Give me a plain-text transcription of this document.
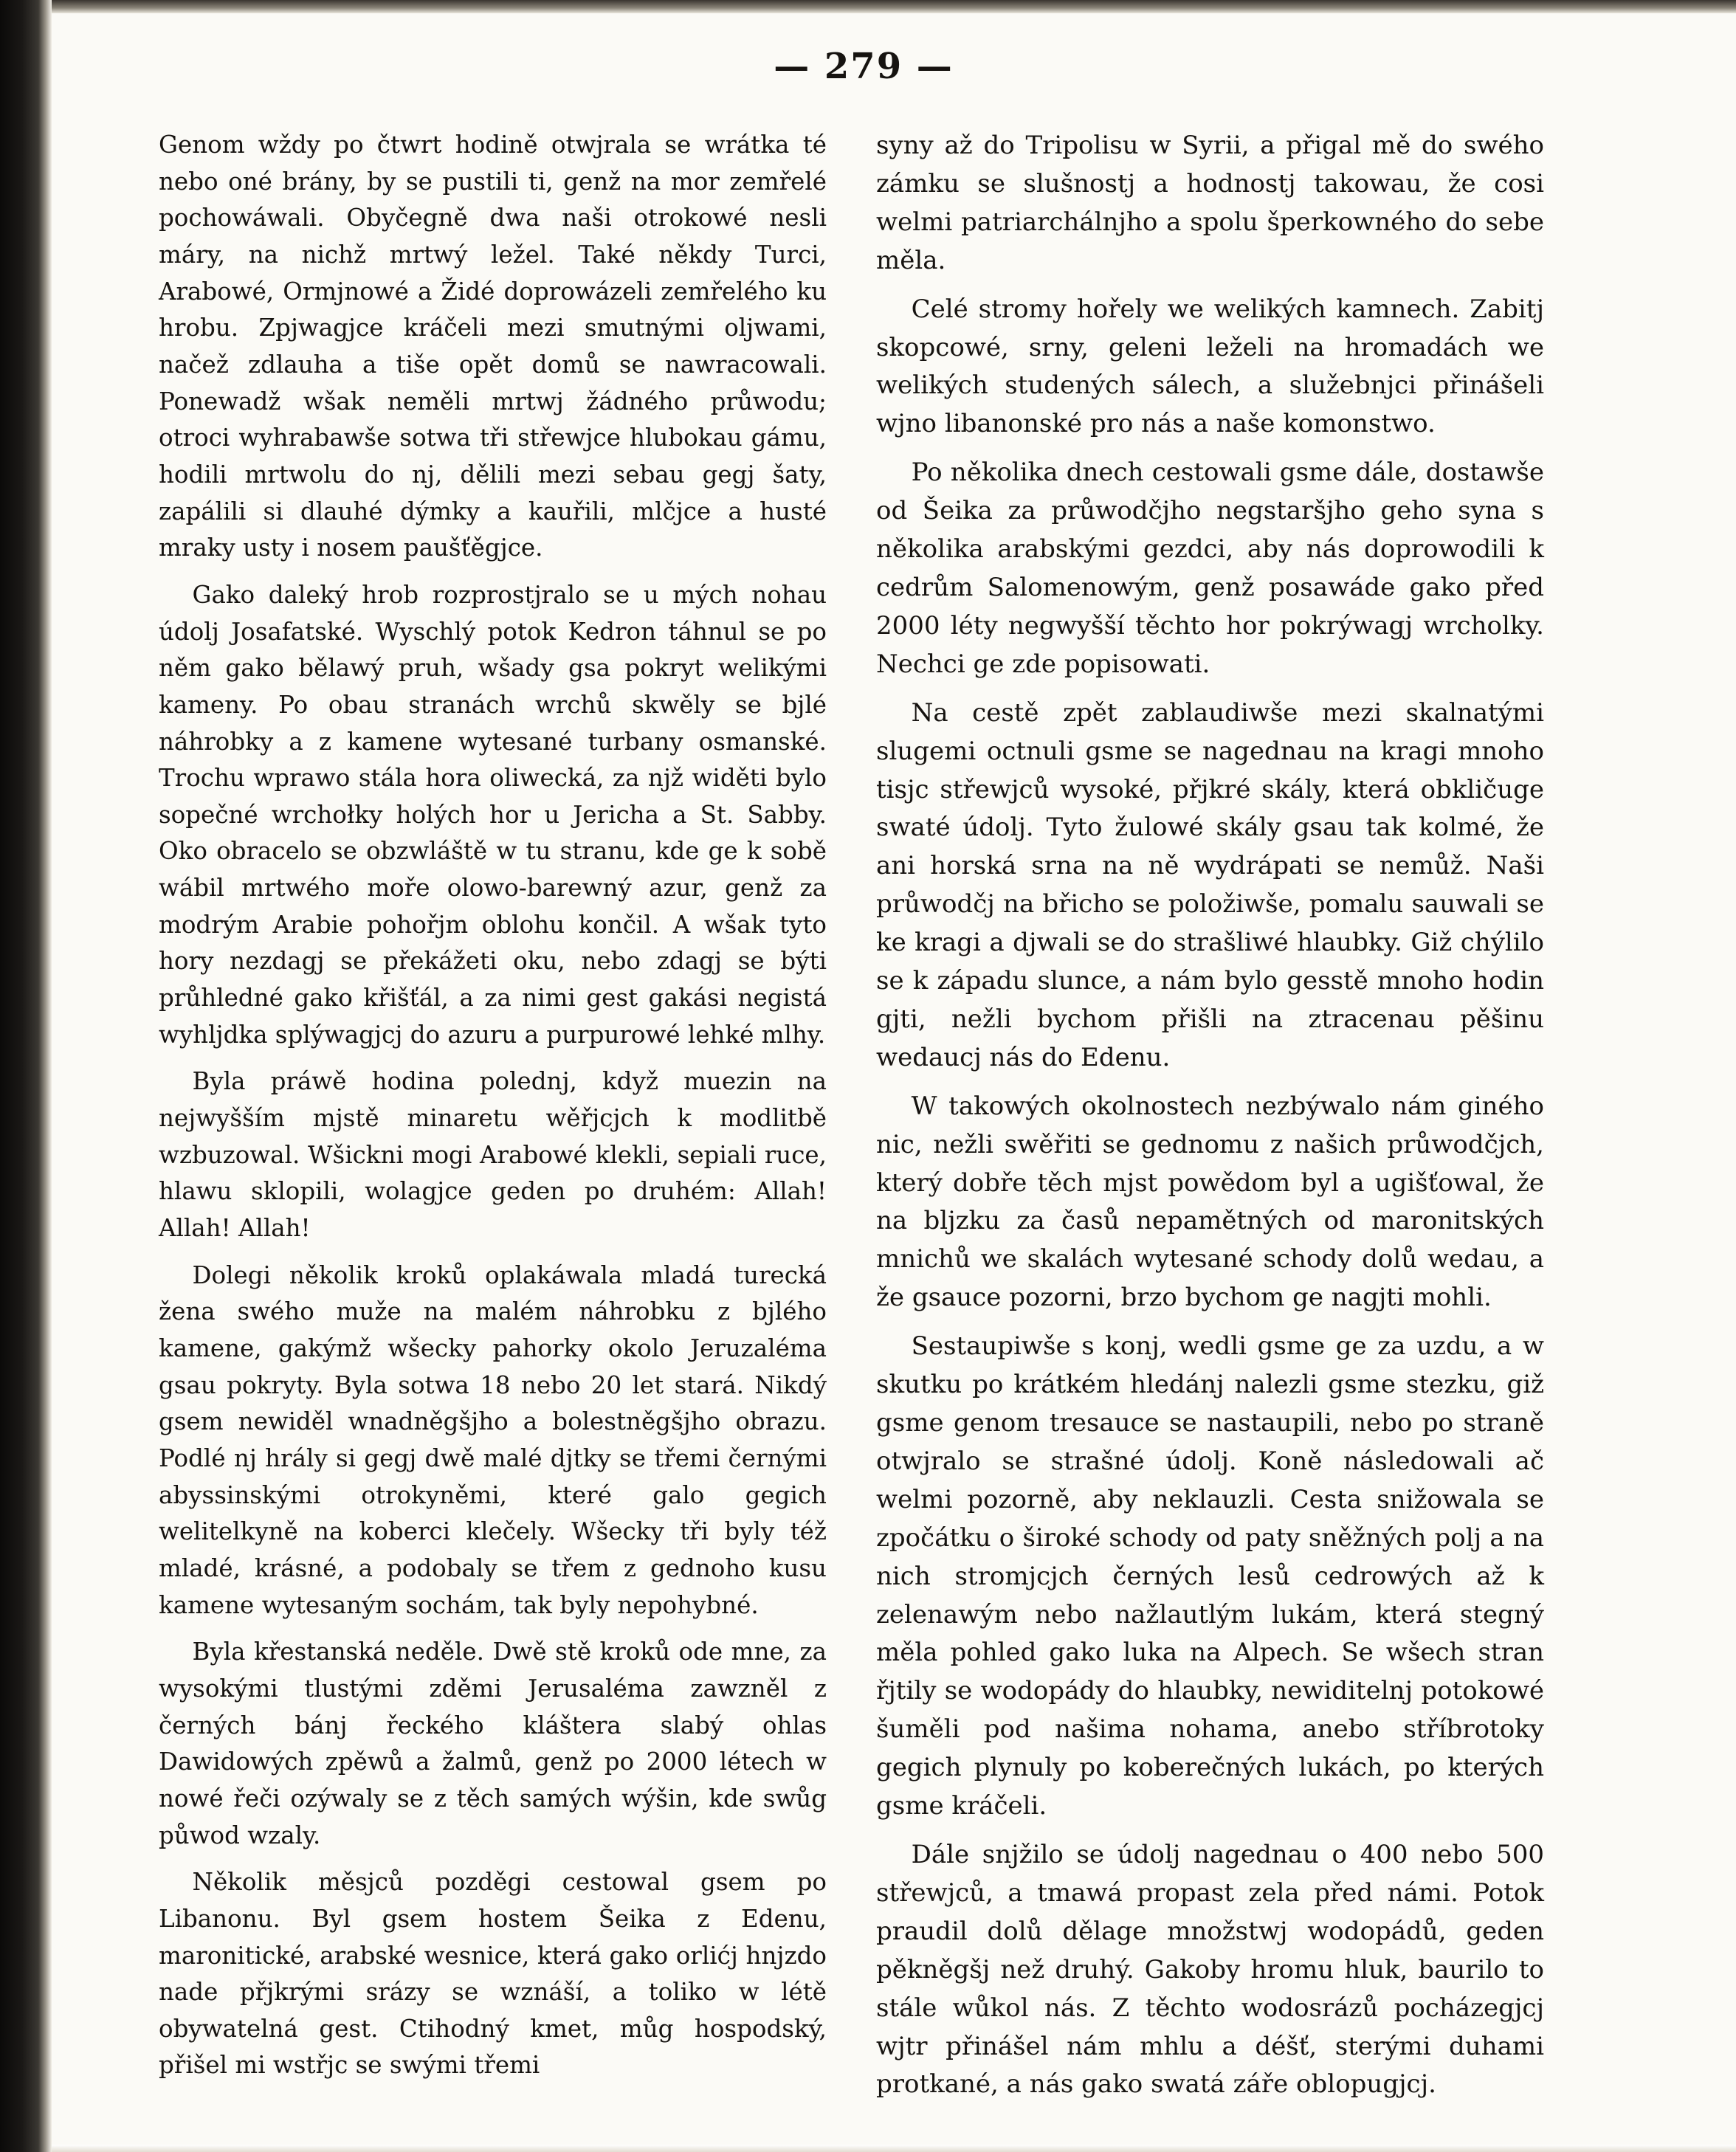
— 279 —

Genom wždy po čtwrt hodině otwjrala se wrátka té nebo oné brány, by se pustili ti, genž na mor zemřelé pochowáwali. Obyčegně dwa naši otrokowé nesli máry, na nichž mrtwý ležel. Také někdy Turci, Arabowé, Ormjnowé a Židé doprowázeli zemřelého ku hrobu. Zpjwagjce kráčeli mezi smutnými oljwami, načež zdlauha a tiše opět domů se nawracowali. Ponewadž wšak neměli mrtwj žádného průwodu; otroci wyhrabawše sotwa tři střewjce hlubokau gámu, hodili mrtwolu do nj, dělili mezi sebau gegj šaty, zapálili si dlauhé dýmky a kauřili, mlčjce a husté mraky usty i nosem paušťěgjce.

Gako daleký hrob rozprostjralo se u mých nohau údolj Josafatské. Wyschlý potok Kedron táhnul se po něm gako bělawý pruh, wšady gsa pokryt welikými kameny. Po obau stranách wrchů skwěly se bjlé náhrobky a z kamene wytesané turbany osmanské. Trochu wprawo stála hora oliwecká, za njž widěti bylo sopečné wrchołky holých hor u Jericha a St. Sabby. Oko obracelo se obzwláště w tu stranu, kde ge k sobě wábil mrtwého moře olowo-barewný azur, genž za modrým Arabie pohořjm oblohu končil. A wšak tyto hory nezdagj se překážeti oku, nebo zdagj se býti průhledné gako křišťál, a za nimi gest gakási negistá wyhljdka splýwagjcj do azuru a purpurowé lehké mlhy.

Byla práwě hodina polednj, když muezin na nejwyšším mjstě minaretu wěřjcjch k modlitbě wzbuzowal. Wšickni mogi Arabowé klekli, sepiali ruce, hlawu sklopili, wolagjce geden po druhém: Allah! Allah! Allah!

Dolegi několik kroků oplakáwala mladá turecká žena swého muže na malém náhrobku z bjlého kamene, gakýmž wšecky pahorky okolo Jeruzaléma gsau pokryty. Byla sotwa 18 nebo 20 let stará. Nikdý gsem newiděl wnadněgšjho a bolestněgšjho obrazu. Podlé nj hrály si gegj dwě malé djtky se třemi černými abyssinskými otrokyněmi, které galo gegich welitelkyně na koberci klečely. Wšecky tři byly též mladé, krásné, a podobaly se třem z gednoho kusu kamene wytesaným sochám, tak byly nepohybné.

Byla křestanská neděle. Dwě stě kroků ode mne, za wysokými tlustými zděmi Jerusaléma zawzněl z černých bánj řeckého kláštera slabý ohlas Dawidowých zpěwů a žalmů, genž po 2000 létech w nowé řeči ozýwaly se z těch samých wýšin, kde swůg půwod wzaly.

Několik měsjců pozděgi cestowal gsem po Libanonu. Byl gsem hostem Šeika z Edenu, maronitické, arabské wesnice, která gako orlićj hnjzdo nade přjkrými srázy se wznáší, a toliko w létě obywatelná gest. Ctihodný kmet, můg hospodský, přišel mi wstřjc se swými třemi

syny až do Tripolisu w Syrii, a přigal mě do swého zámku se slušnostj a hodnostj takowau, že cosi welmi patriarchálnjho a spolu šperkowného do sebe měla.

Celé stromy hořely we welikých kamnech. Zabitj skopcowé, srny, geleni leželi na hromadách we welikých studených sálech, a služebnjci přinášeli wjno libanonské pro nás a naše komonstwo.

Po několika dnech cestowali gsme dále, dostawše od Šeika za průwodčjho negstaršjho geho syna s několika arabskými gezdci, aby nás doprowodili k cedrům Salomenowým, genž posawáde gako před 2000 léty negwyšší těchto hor pokrýwagj wrcholky. Nechci ge zde popisowati.

Na cestě zpět zablaudiwše mezi skalnatými slugemi octnuli gsme se nagednau na kragi mnoho tisjc střewjců wysoké, přjkré skály, která obkličuge swaté údolj. Tyto žulowé skály gsau tak kolmé, že ani horská srna na ně wydrápati se nemůž. Naši průwodčj na břicho se položiwše, pomalu sauwali se ke kragi a djwali se do strašliwé hlaubky. Giž chýlilo se k západu slunce, a nám bylo gesstě mnoho hodin gjti, nežli bychom přišli na ztracenau pěšinu wedaucj nás do Edenu.

W takowých okolnostech nezbýwalo nám giného nic, nežli swěřiti se gednomu z našich průwodčjch, který dobře těch mjst powědom byl a ugišťowal, že na bljzku za časů nepamětných od maronitských mnichů we skalách wytesané schody dolů wedau, a že gsauce pozorni, brzo bychom ge nagjti mohli.

Sestaupiwše s konj, wedli gsme ge za uzdu, a w skutku po krátkém hledánj nalezli gsme stezku, giž gsme genom tresauce se nastaupili, nebo po straně otwjralo se strašné údolj. Koně následowali ač welmi pozorně, aby neklauzli. Cesta snižowala se zpočátku o široké schody od paty sněžných polj a na nich stromjcjch černých lesů cedrowých až k zelenawým nebo nažlautlým lukám, která stegný měla pohled gako luka na Alpech. Se wšech stran řjtily se wodopády do hlaubky, newiditelnj potokowé šuměli pod našima nohama, anebo stříbrotoky gegich plynuly po koberečných lukách, po kterých gsme kráčeli.

Dále snjžilo se údolj nagednau o 400 nebo 500 střewjců, a tmawá propast zela před námi. Potok praudil dolů dělage množstwj wodopádů, geden pěkněgšj než druhý. Gakoby hromu hluk, baurilo to stále wůkol nás. Z těchto wodosrázů pocházegjcj wjtr přinášel nám mhlu a déšť, sterými duhami protkané, a nás gako swatá záře oblopugjcj.
